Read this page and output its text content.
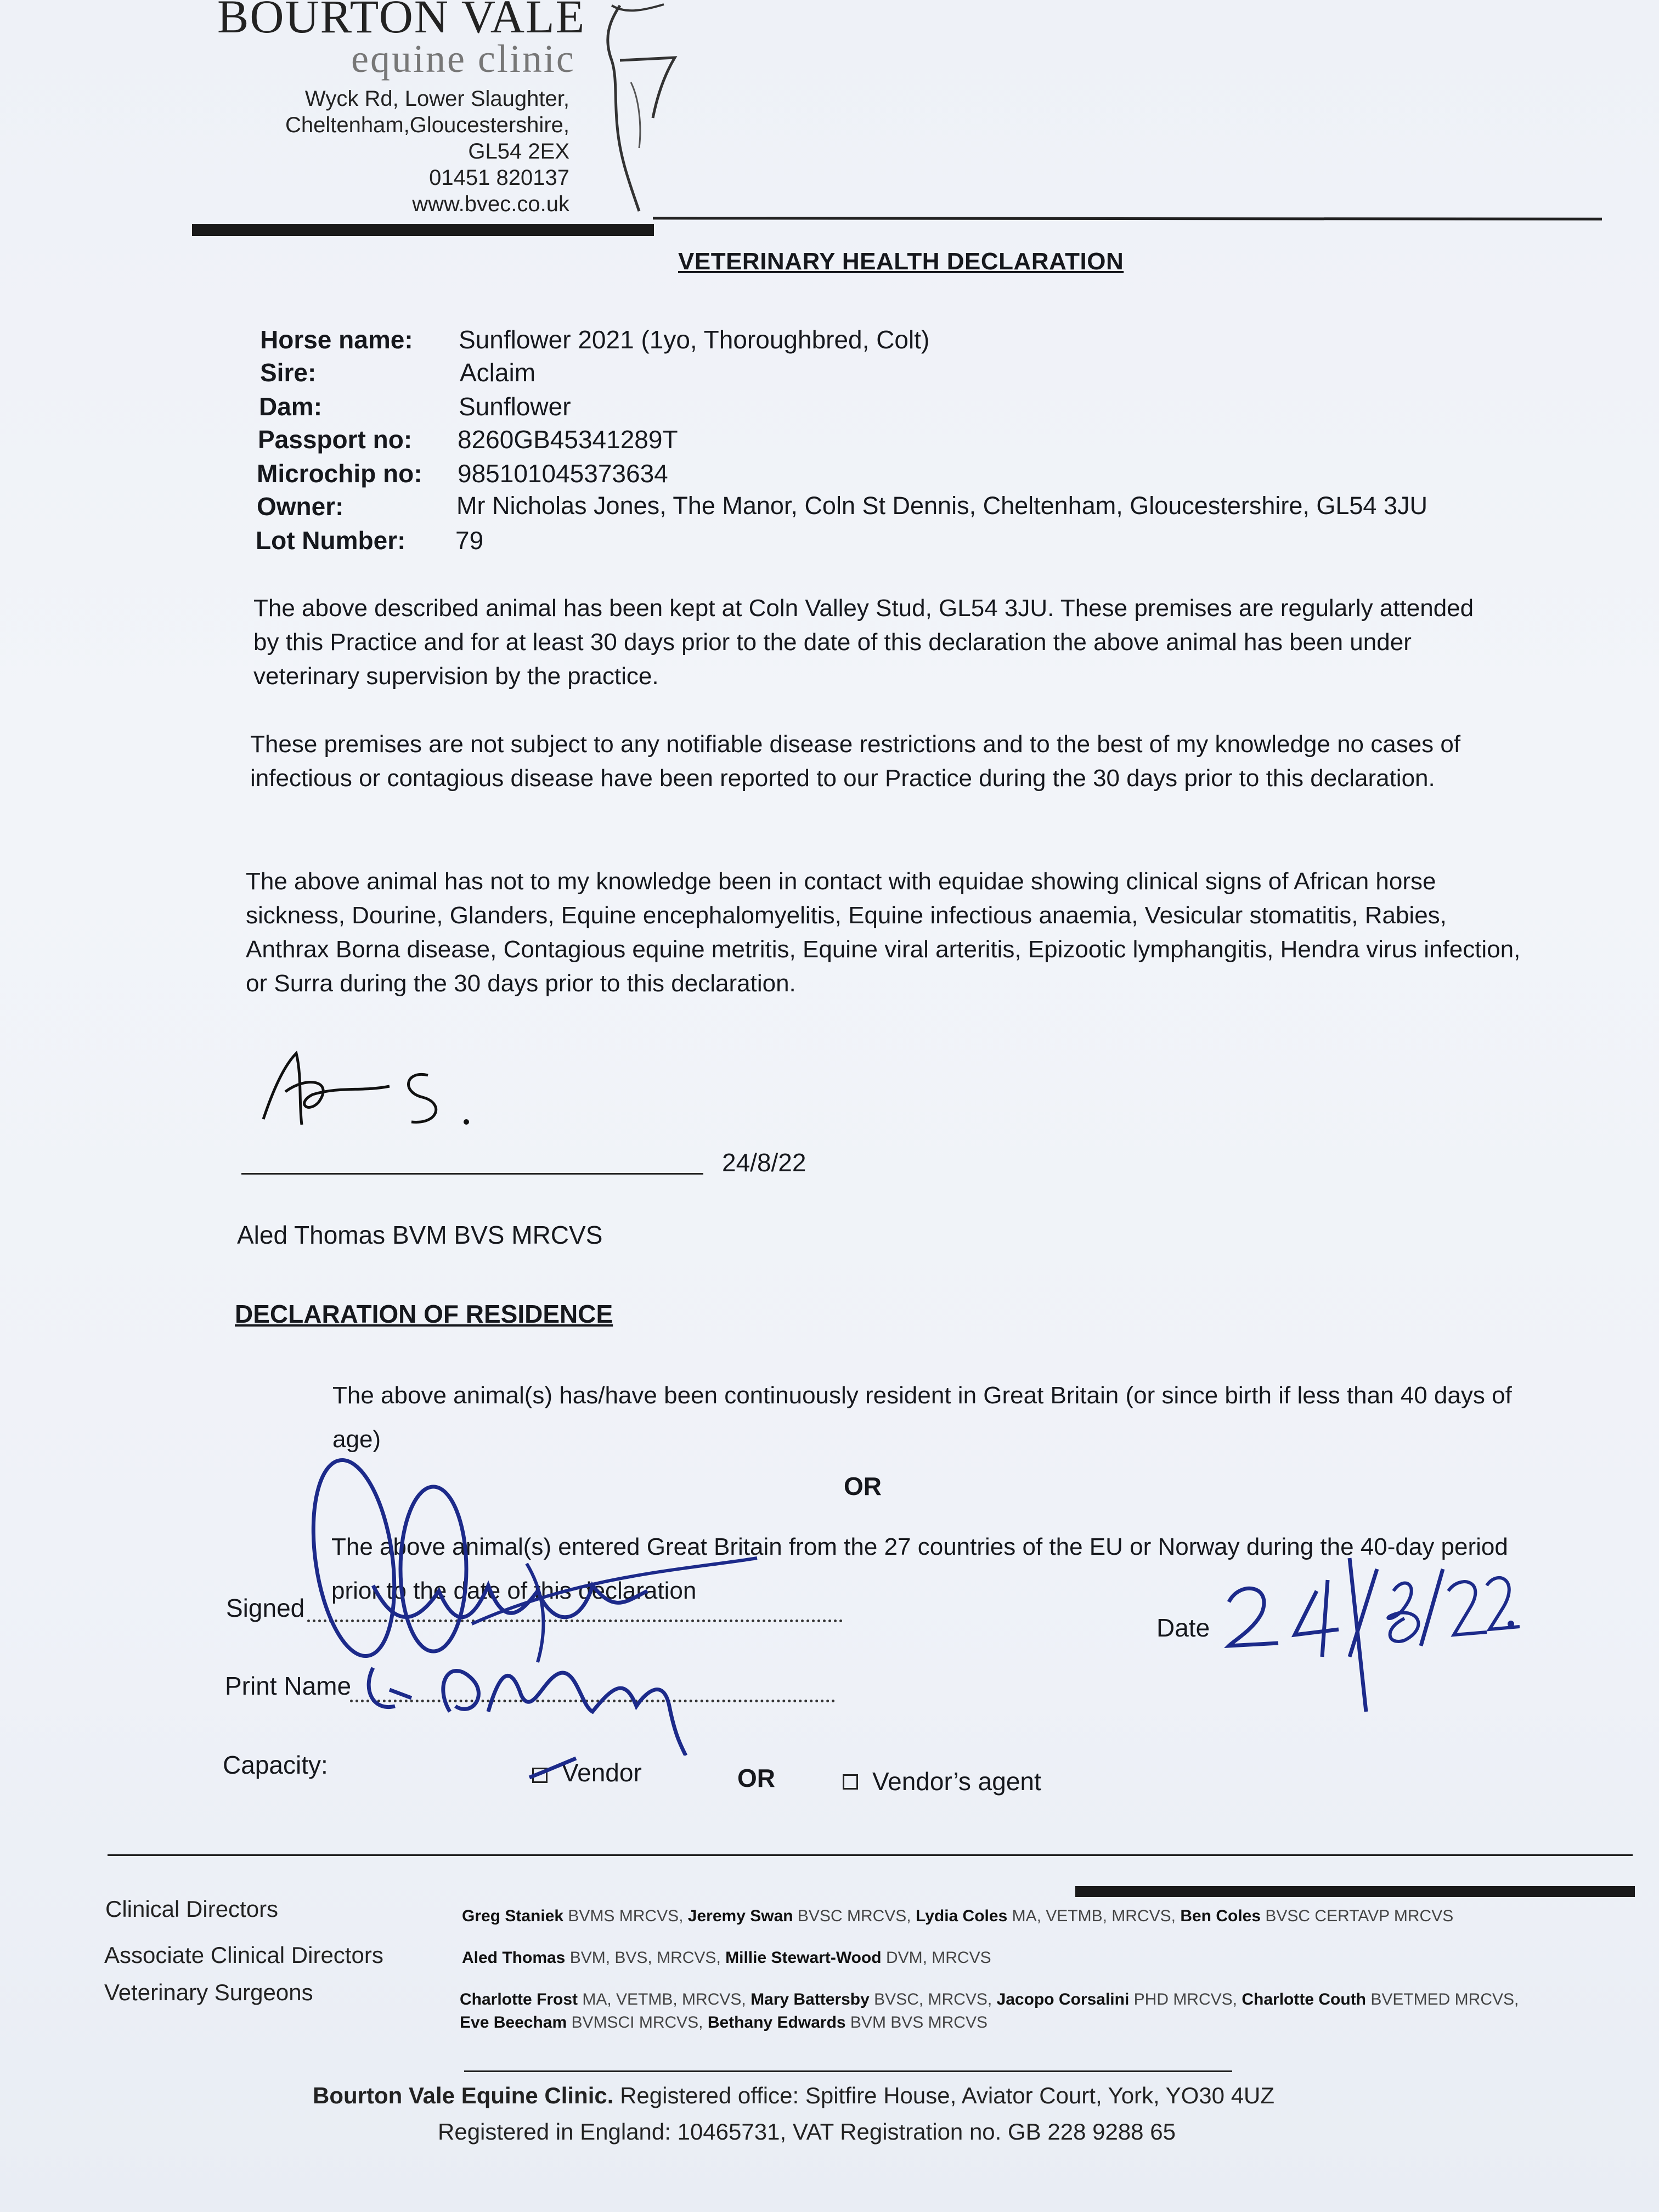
BOURTON VALE
equine clinic
Wyck Rd, Lower Slaughter,
Cheltenham,Gloucestershire,
GL54 2EX
01451 820137
www.bvec.co.uk
VETERINARY HEALTH DECLARATION
Horse name: Sunflower 2021 (1yo, Thoroughbred, Colt)
Sire:	Aclaim
Dam:	Sunflower
Passport no: 8260GB45341289T
Microchip no: 985101045373634
Owner:	Mr Nicholas Jones, The Manor, Coln St Dennis, Cheltenham, Gloucestershire, GL54 3JU
Lot Number: 79
The above described animal has been kept at Coln Valley Stud, GL54 3JU. These premises are regularly attended by this Practice and for at least 30 days prior to the date of this declaration the above animal has been under veterinary supervision by the practice.
These premises are not subject to any notifiable disease restrictions and to the best of my knowledge no cases of infectious or contagious disease have been reported to our Practice during the 30 days prior to this declaration.
The above animal has not to my knowledge been in contact with equidae showing clinical signs of African horse sickness, Dourine, Glanders, Equine encephalomyelitis, Equine infectious anaemia, Vesicular stomatitis, Rabies, Anthrax Borna disease, Contagious equine metritis, Equine viral arteritis, Epizootic lymphangitis, Hendra virus infection, or Surra during the 30 days prior to this declaration.
24/8/22
Aled Thomas BVM BVS MRCVS
DECLARATION OF RESIDENCE
The above animal(s) has/have been continuously resident in Great Britain (or since birth if less than 40 days of age)
OR
The above animal(s) entered Great Britain from the 27 countries of the EU or Norway during the 40-day period prior to the date of this declaration
Signed
Date
Print Name
Capacity:	Vendor	OR	Vendor’s agent
Clinical Directors	Greg Staniek BVMS MRCVS, Jeremy Swan BVSC MRCVS, Lydia Coles MA, VETMB, MRCVS, Ben Coles BVSC CERTAVP MRCVS
Associate Clinical Directors	Aled Thomas BVM, BVS, MRCVS, Millie Stewart-Wood DVM, MRCVS
Veterinary Surgeons	Charlotte Frost MA, VETMB, MRCVS, Mary Battersby BVSC, MRCVS, Jacopo Corsalini PHD MRCVS, Charlotte Couth BVETMED MRCVS,
Eve Beecham BVMSCI MRCVS, Bethany Edwards BVM BVS MRCVS
Bourton Vale Equine Clinic. Registered office: Spitfire House, Aviator Court, York, YO30 4UZ
Registered in England: 10465731, VAT Registration no. GB 228 9288 65
